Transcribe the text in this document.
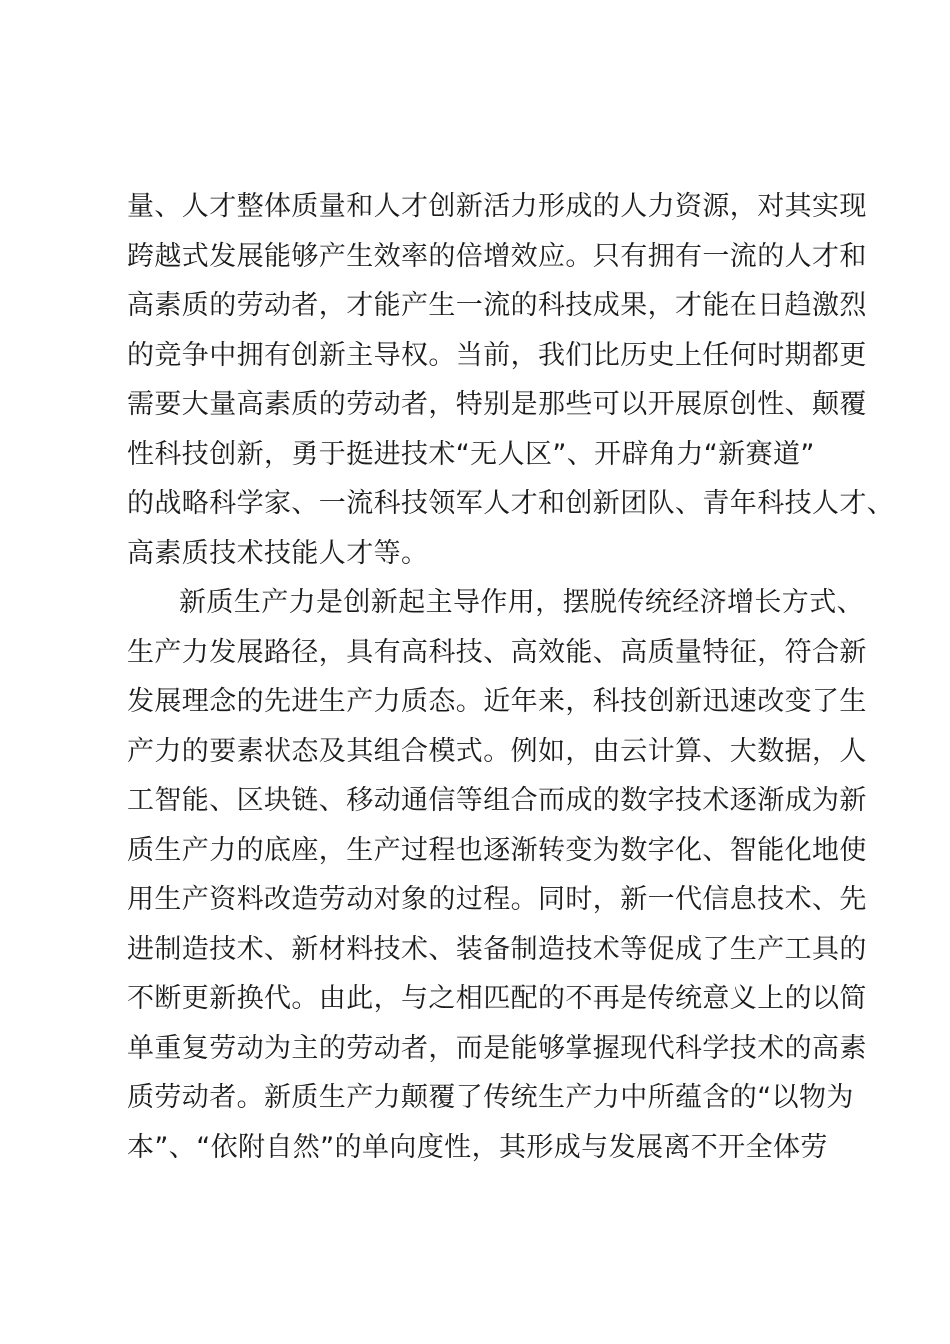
量、人才整体质量和人才创新活力形成的人力资源，对其实现
跨越式发展能够产生效率的倍增效应。只有拥有一流的人才和
高素质的劳动者，才能产生一流的科技成果，才能在日趋激烈
的竞争中拥有创新主导权。当前，我们比历史上任何时期都更
需要大量高素质的劳动者，特别是那些可以开展原创性、颠覆
性科技创新，勇于挺进技术“无人区”、开辟角力“新赛道”
的战略科学家、一流科技领军人才和创新团队、青年科技人才、
高素质技术技能人才等。
新质生产力是创新起主导作用，摆脱传统经济增长方式、
生产力发展路径，具有高科技、高效能、高质量特征，符合新
发展理念的先进生产力质态。近年来，科技创新迅速改变了生
产力的要素状态及其组合模式。例如，由云计算、大数据，人
工智能、区块链、移动通信等组合而成的数字技术逐渐成为新
质生产力的底座，生产过程也逐渐转变为数字化、智能化地使
用生产资料改造劳动对象的过程。同时，新一代信息技术、先
进制造技术、新材料技术、装备制造技术等促成了生产工具的
不断更新换代。由此，与之相匹配的不再是传统意义上的以简
单重复劳动为主的劳动者，而是能够掌握现代科学技术的高素
质劳动者。新质生产力颠覆了传统生产力中所蕴含的“以物为
本”、“依附自然”的单向度性，其形成与发展离不开全体劳
